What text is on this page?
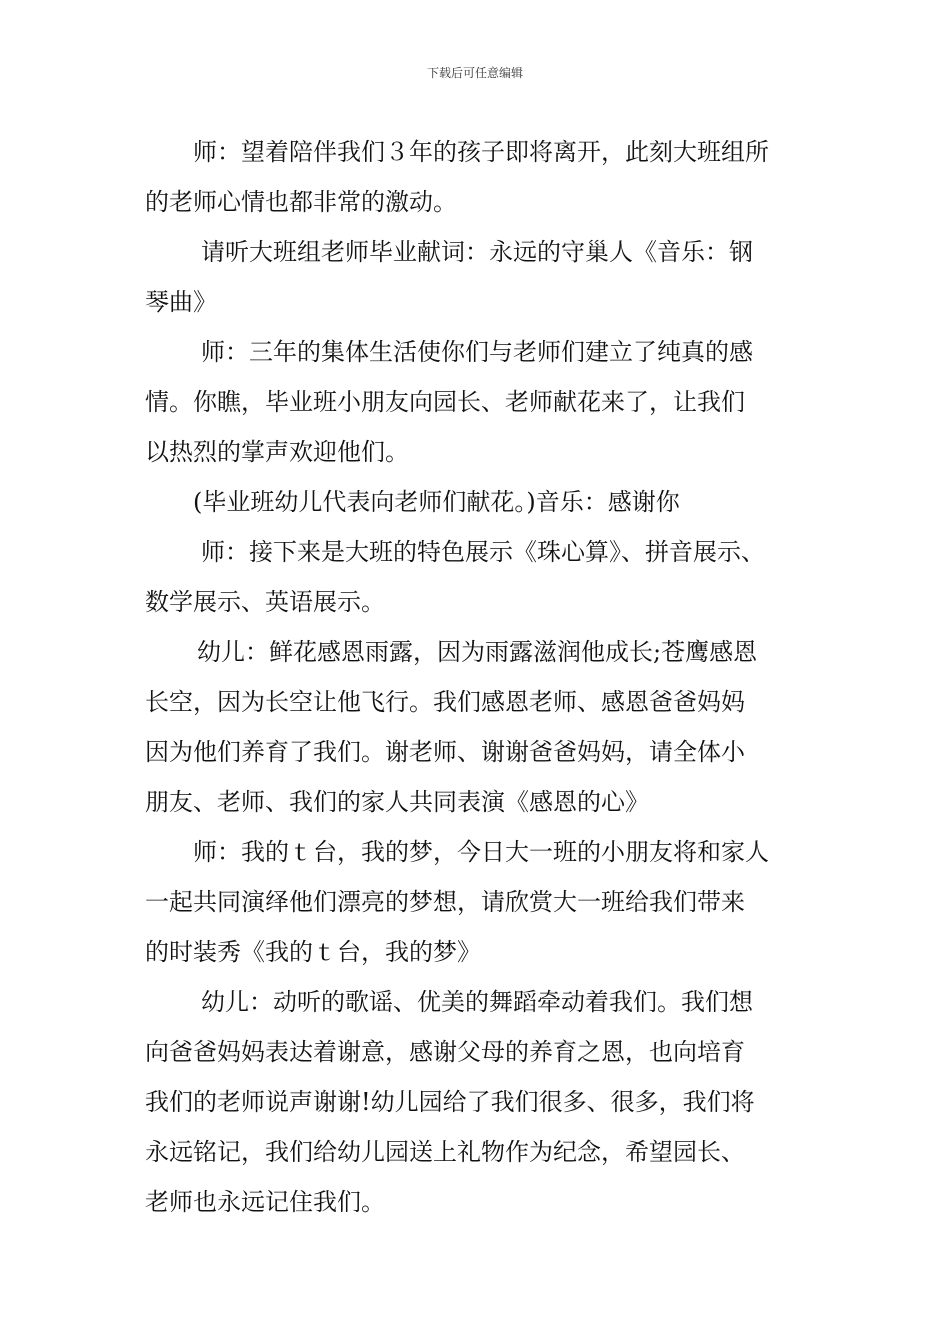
下载后可任意编辑
师：望着陪伴我们３年的孩子即将离开，此刻大班组所
的老师心情也都非常的激动。
请听大班组老师毕业献词：永远的守巢人《音乐：钢
琴曲》
师：三年的集体生活使你们与老师们建立了纯真的感
情。你瞧，毕业班小朋友向园长、老师献花来了，让我们
以热烈的掌声欢迎他们。
(毕业班幼儿代表向老师们献花。)音乐：感谢你
师：接下来是大班的特色展示《珠心算》、拼音展示、
数学展示、英语展示。
幼儿：鲜花感恩雨露，因为雨露滋润他成长;苍鹰感恩
长空，因为长空让他飞行。我们感恩老师、感恩爸爸妈妈
因为他们养育了我们。谢老师、谢谢爸爸妈妈，请全体小
朋友、老师、我们的家人共同表演《感恩的心》
师：我的ｔ台，我的梦，今日大一班的小朋友将和家人
一起共同演绎他们漂亮的梦想，请欣赏大一班给我们带来
的时装秀《我的ｔ台，我的梦》
幼儿：动听的歌谣、优美的舞蹈牵动着我们。我们想
向爸爸妈妈表达着谢意，感谢父母的养育之恩，也向培育
我们的老师说声谢谢!幼儿园给了我们很多、很多，我们将
永远铭记，我们给幼儿园送上礼物作为纪念，希望园长、
老师也永远记住我们。
